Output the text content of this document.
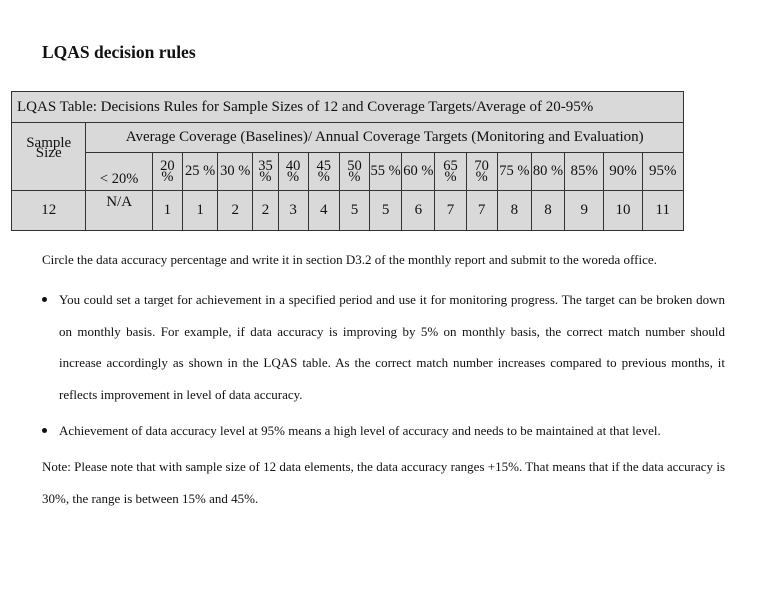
LQAS decision rules
LQAS Table: Decisions Rules for Sample Sizes of 12 and Coverage Targets/Average of 20-95%																	
Sample Size	Average Coverage (Baselines)/ Annual Coverage Targets (Monitoring and Evaluation)																
	< 20%	20 %	25 %	30 %	35 %	40 %	45 %	50 %	55 %	60 %	65 %	70 %	75 %	80 %	85%	90%	95%
12	N/A	1	1	2	2	3	4	5	5	6	7	7	8	8	9	10	11
Circle the data accuracy percentage and write it in section D3.2 of the monthly report and submit to the woreda office.
You could set a target for achievement in a specified period and use it for monitoring progress. The target can be broken down on monthly basis. For example, if data accuracy is improving by 5% on monthly basis, the correct match number should increase accordingly as shown in the LQAS table. As the correct match number increases compared to previous months, it reflects improvement in level of data accuracy.
Achievement of data accuracy level at 95% means a high level of accuracy and needs to be maintained at that level.
Note: Please note that with sample size of 12 data elements, the data accuracy ranges +15%. That means that if the data accuracy is 30%, the range is between 15% and 45%.
